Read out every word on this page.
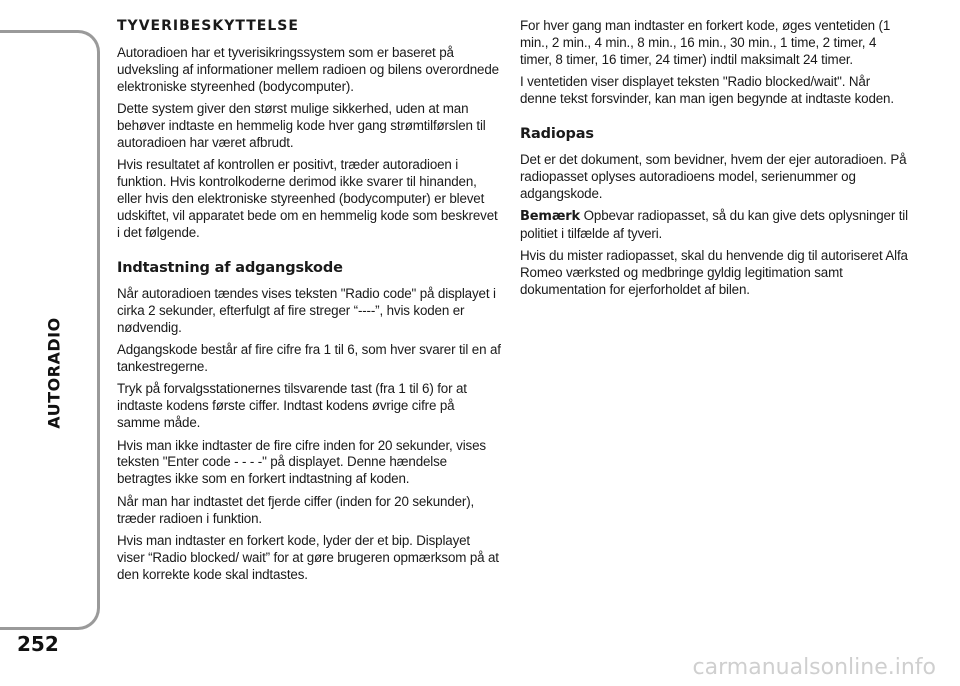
AUTORADIO
252
TYVERIBESKYTTELSE

Autoradioen har et tyverisikringssystem som er baseret på udveksling af informationer mellem radioen og bilens overordnede elektroniske styreenhed (bodycomputer).

Dette system giver den størst mulige sikkerhed, uden at man behøver indtaste en hemmelig kode hver gang strømtilførslen til autoradioen har været afbrudt.

Hvis resultatet af kontrollen er positivt, træder autoradioen i funktion. Hvis kontrolkoderne derimod ikke svarer til hinanden, eller hvis den elektroniske styreenhed (bodycomputer) er blevet udskiftet, vil apparatet bede om en hemmelig kode som beskrevet i det følgende.

Indtastning af adgangskode

Når autoradioen tændes vises teksten "Radio code" på displayet i cirka 2 sekunder, efterfulgt af fire streger “----”, hvis koden er nødvendig.

Adgangskode består af fire cifre fra 1 til 6, som hver svarer til en af tankestregerne.

Tryk på forvalgsstationernes tilsvarende tast (fra 1 til 6) for at indtaste kodens første ciffer. Indtast kodens øvrige cifre på samme måde.

Hvis man ikke indtaster de fire cifre inden for 20 sekunder, vises teksten "Enter code - - - -" på displayet. Denne hændelse betragtes ikke som en forkert indtastning af koden.

Når man har indtastet det fjerde ciffer (inden for 20 sekunder), træder radioen i funktion.

Hvis man indtaster en forkert kode, lyder der et bip. Displayet viser “Radio blocked/ wait” for at gøre brugeren opmærksom på at den korrekte kode skal indtastes.

For hver gang man indtaster en forkert kode, øges ventetiden (1 min., 2 min., 4 min., 8 min., 16 min., 30 min., 1 time, 2 timer, 4 timer, 8 timer, 16 timer, 24 timer) indtil maksimalt 24 timer.

I ventetiden viser displayet teksten "Radio blocked/wait". Når denne tekst forsvinder, kan man igen begynde at indtaste koden.

Radiopas

Det er det dokument, som bevidner, hvem der ejer autoradioen. På radiopasset oplyses autoradioens model, serienummer og adgangskode.

Bemærk Opbevar radiopasset, så du kan give dets oplysninger til politiet i tilfælde af tyveri.

Hvis du mister radiopasset, skal du henvende dig til autoriseret Alfa Romeo værksted og medbringe gyldig legitimation samt dokumentation for ejerforholdet af bilen.

carmanualsonline.info
